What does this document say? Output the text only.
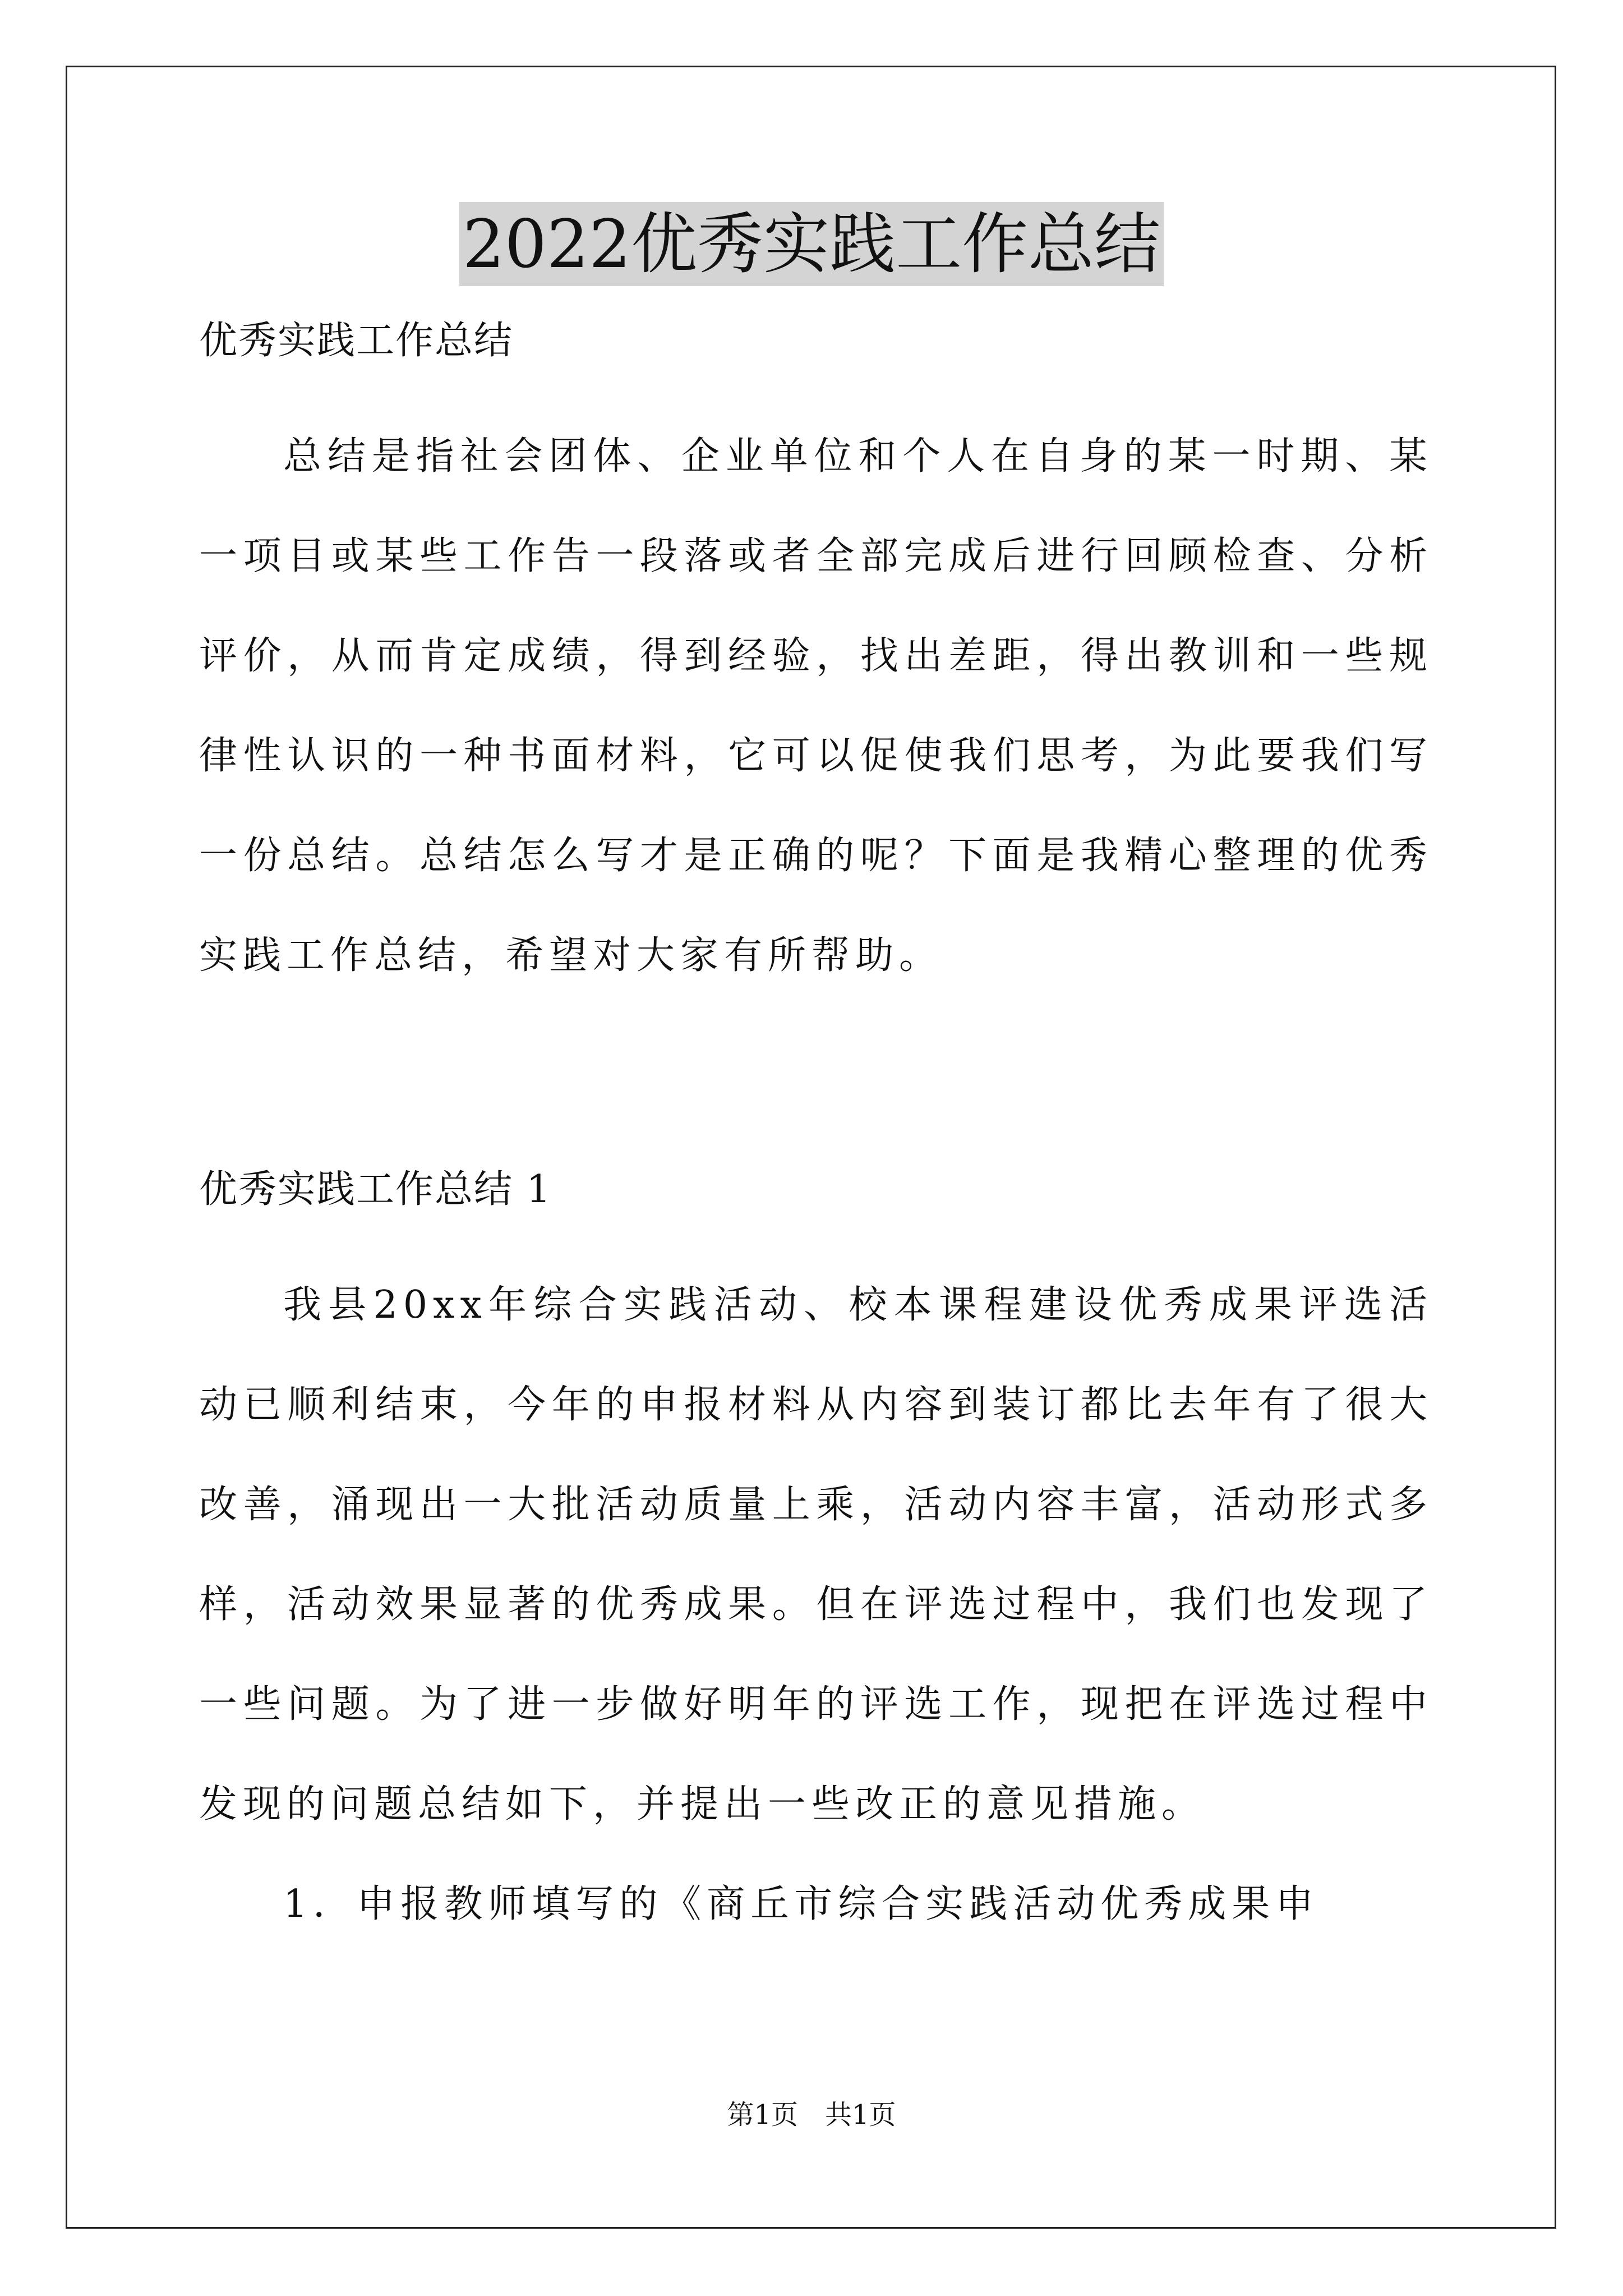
2022优秀实践工作总结

优秀实践工作总结

总结是指社会团体、企业单位和个人在自身的某一时期、某一项目或某些工作告一段落或者全部完成后进行回顾检查、分析评价，从而肯定成绩，得到经验，找出差距，得出教训和一些规律性认识的一种书面材料，它可以促使我们思考，为此要我们写一份总结。总结怎么写才是正确的呢？下面是我精心整理的优秀实践工作总结，希望对大家有所帮助。

优秀实践工作总结 1

我县20xx年综合实践活动、校本课程建设优秀成果评选活动已顺利结束，今年的申报材料从内容到装订都比去年有了很大改善，涌现出一大批活动质量上乘，活动内容丰富，活动形式多样，活动效果显著的优秀成果。但在评选过程中，我们也发现了一些问题。为了进一步做好明年的评选工作，现把在评选过程中发现的问题总结如下，并提出一些改正的意见措施。

1．申报教师填写的《商丘市综合实践活动优秀成果申

第1页　共1页
